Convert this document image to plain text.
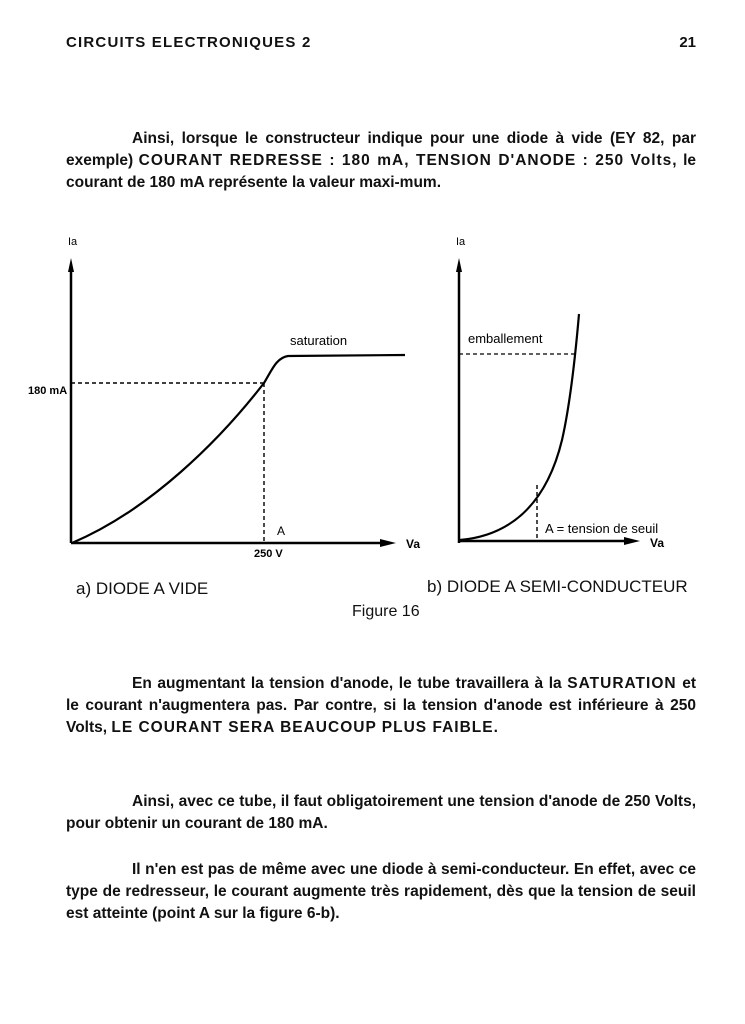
CIRCUITS ELECTRONIQUES 2	21
Ainsi, lorsque le constructeur indique pour une diode à vide (EY 82, par exemple) COURANT REDRESSE : 180 mA, TENSION D'ANODE : 250 Volts, le courant de 180 mA représente la valeur maxi-mum.
Ia
Va
saturation
180 mA
A
250 V
Ia
Va
emballement
A = tension de seuil
a) DIODE A VIDE	b) DIODE A SEMI-CONDUCTEUR
Figure 16
En augmentant la tension d'anode, le tube travaillera à la SATURATION et le courant n'augmentera pas. Par contre, si la tension d'anode est inférieure à 250 Volts, LE COURANT SERA BEAUCOUP PLUS FAIBLE.
Ainsi, avec ce tube, il faut obligatoirement une tension d'anode de 250 Volts, pour obtenir un courant de 180 mA.
Il n'en est pas de même avec une diode à semi-conducteur. En effet, avec ce type de redresseur, le courant augmente très rapidement, dès que la tension de seuil est atteinte (point A sur la figure 6-b).
